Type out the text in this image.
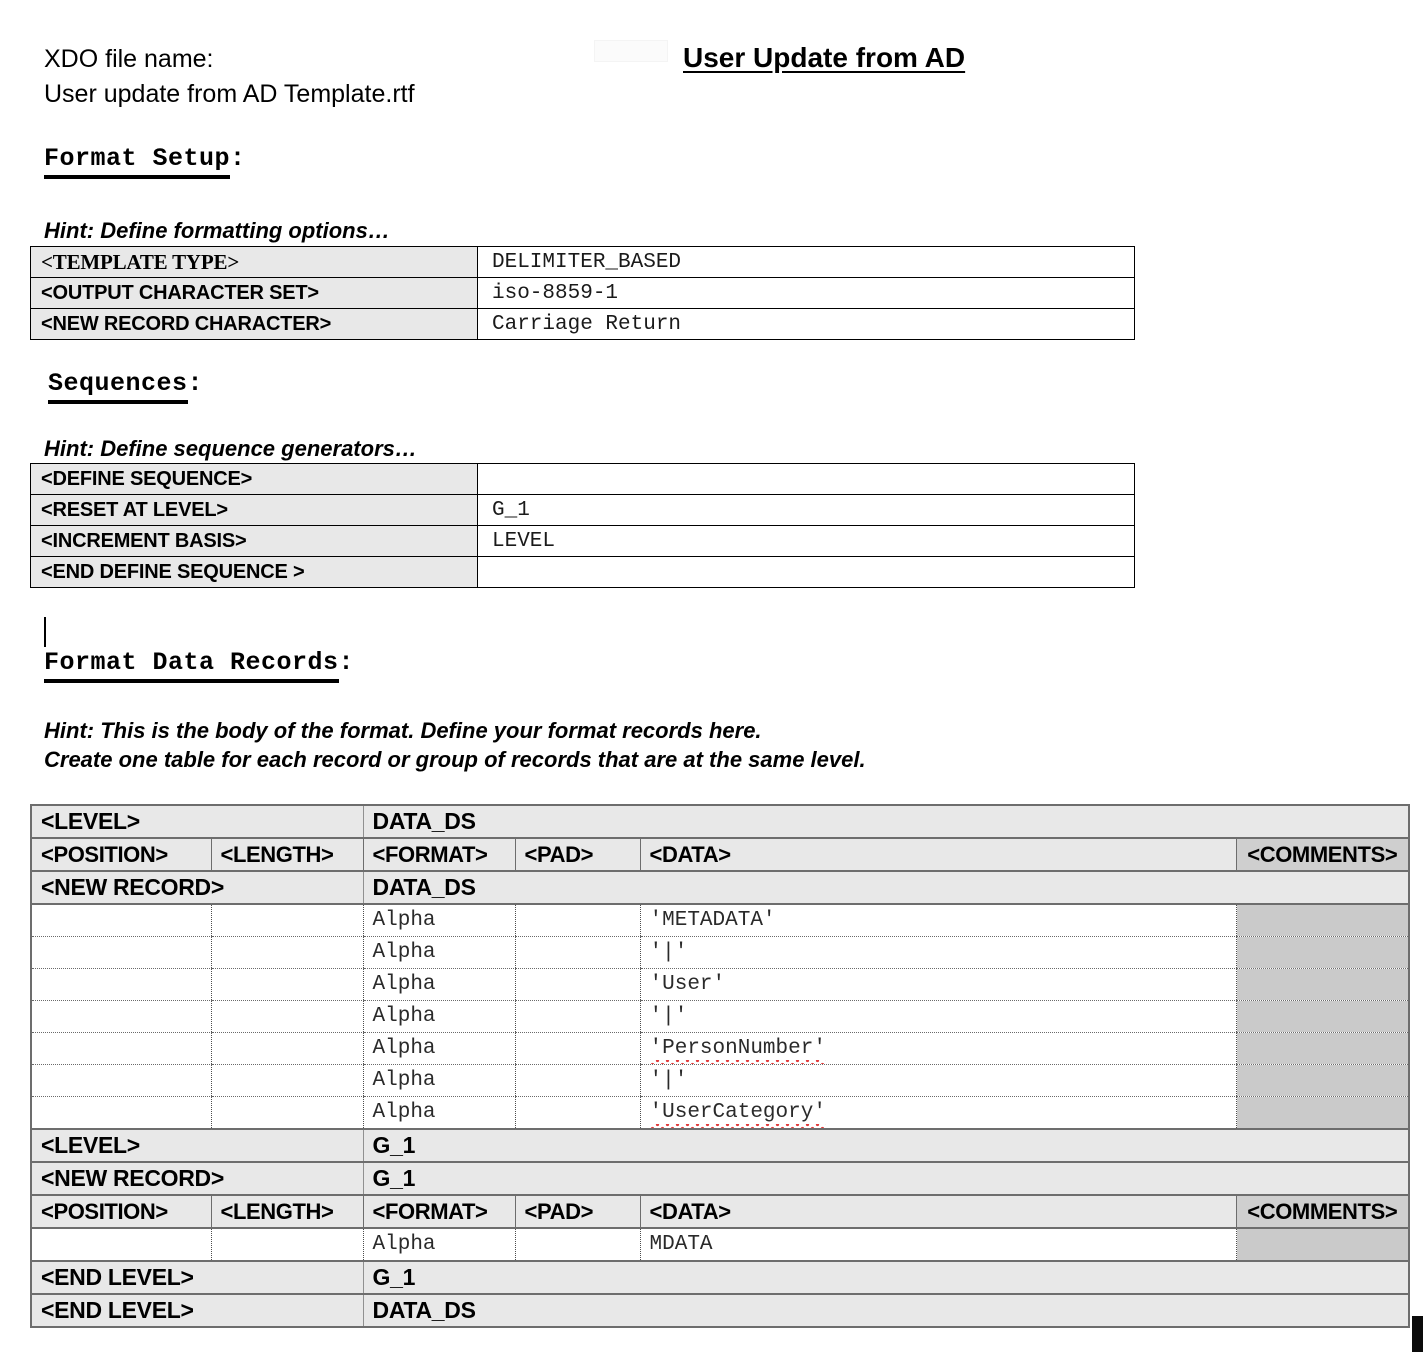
XDO file name:
User update from AD Template.rtf
User Update from AD
Format Setup:
Hint: Define formatting options…
<TEMPLATE TYPE>	DELIMITER_BASED
<OUTPUT CHARACTER SET>	iso-8859-1
<NEW RECORD CHARACTER>	Carriage Return
Sequences:
Hint: Define sequence generators…
<DEFINE SEQUENCE>	
<RESET AT LEVEL>	G_1
<INCREMENT BASIS>	LEVEL
<END DEFINE SEQUENCE >	
Format Data Records:
Hint: This is the body of the format. Define your format records here.
Create one table for each record or group of records that are at the same level.
<LEVEL>		DATA_DS			
<POSITION>	<LENGTH>	<FORMAT>	<PAD>	<DATA>	<COMMENTS>
<NEW RECORD>		DATA_DS			
		Alpha		'METADATA'	
		Alpha		'|'	
		Alpha		'User'	
		Alpha		'|'	
		Alpha		'PersonNumber'	
		Alpha		'|'	
		Alpha		'UserCategory'	
<LEVEL>		G_1			
<NEW RECORD>		G_1			
<POSITION>	<LENGTH>	<FORMAT>	<PAD>	<DATA>	<COMMENTS>
		Alpha		MDATA	
<END LEVEL>		G_1			
<END LEVEL>		DATA_DS			
